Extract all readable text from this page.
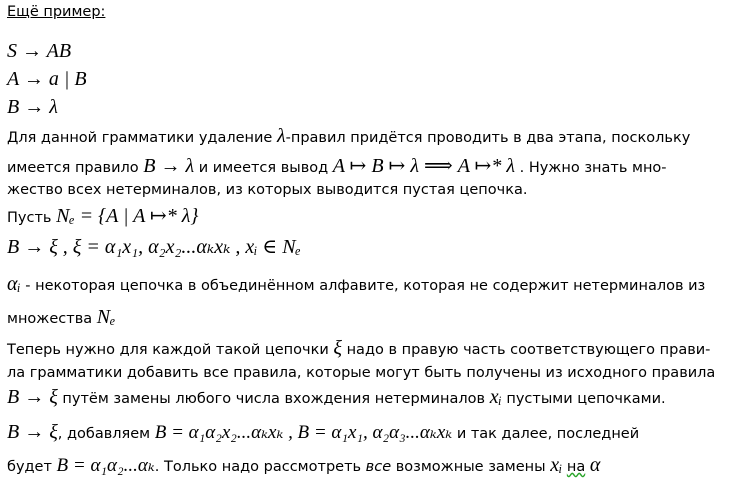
Ещё пример:
S → AB
A → a | B
B → λ
Для данной грамматики удаление λ-правил придётся проводить в два этапа, поскольку
имеется правило B → λ и имеется вывод A ↦ B ↦ λ ⟹ A ↦* λ . Нужно знать мно-
жество всех нетерминалов, из которых выводится пустая цепочка.
Пусть Nₑ = {A | A ↦* λ}
B → ξ , ξ = α₁x₁, α₂x₂...αₖxₖ , xᵢ ∈ Nₑ
αᵢ - некоторая цепочка в объединённом алфавите, которая не содержит нетерминалов из
множества Nₑ
Теперь нужно для каждой такой цепочки ξ надо в правую часть соответствующего прави-
ла грамматики добавить все правила, которые могут быть получены из исходного правила
B → ξ путём замены любого числа вхождения нетерминалов xᵢ пустыми цепочками.
B → ξ, добавляем B = α₁α₂x₂...αₖxₖ , B = α₁x₁, α₂α₃...αₖxₖ и так далее, последней
будет B = α₁α₂...αₖ. Только надо рассмотреть все возможные замены xᵢ на α
